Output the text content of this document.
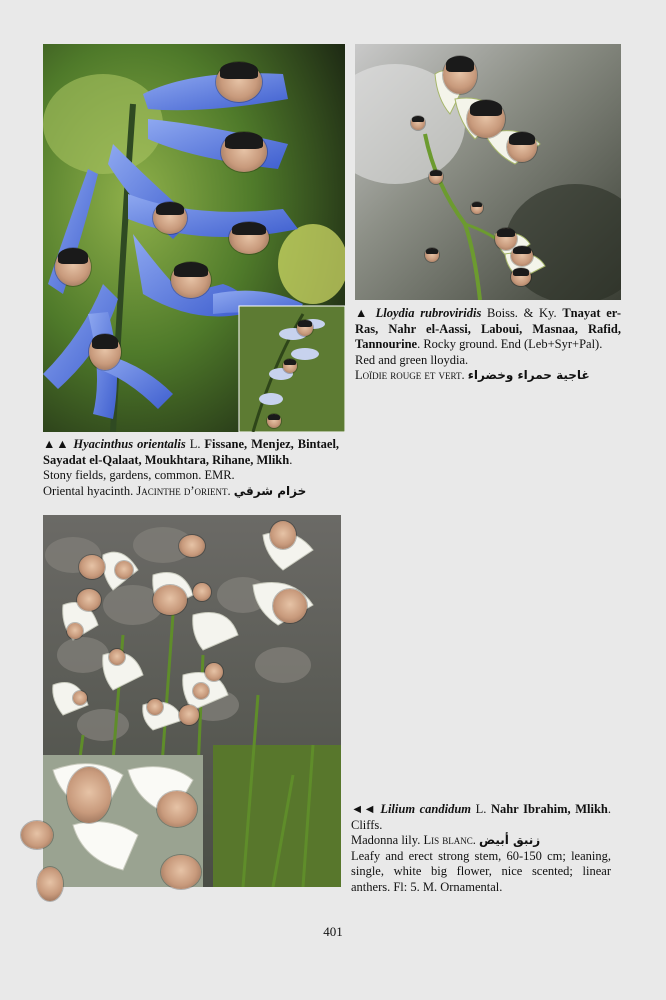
▲ Lloydia rubroviridis Boiss. & Ky. Tnayat er-Ras, Nahr el-Aassi, Laboui, Masnaa, Rafid, Tannourine. Rocky ground. End (Leb+Syr+Pal).

Red and green lloydia.

Loïdie rouge et vert. غاجية حمراء وخضراء

▲▲ Hyacinthus orientalis L. Fissane, Menjez, Bintael, Sayadat el-Qalaat, Moukhtara, Rihane, Mlikh.

Stony fields, gardens, common. EMR.

Oriental hyacinth. Jacinthe d’orient. خزام شرقي

◄◄ Lilium candidum L. Nahr Ibrahim, Mlikh. Cliffs.

Madonna lily. Lis blanc. زنبق أبيض

Leafy and erect strong stem, 60-150 cm; leaning, single, white big flower, nice scented; linear anthers. Fl: 5. M. Ornamental.

401
